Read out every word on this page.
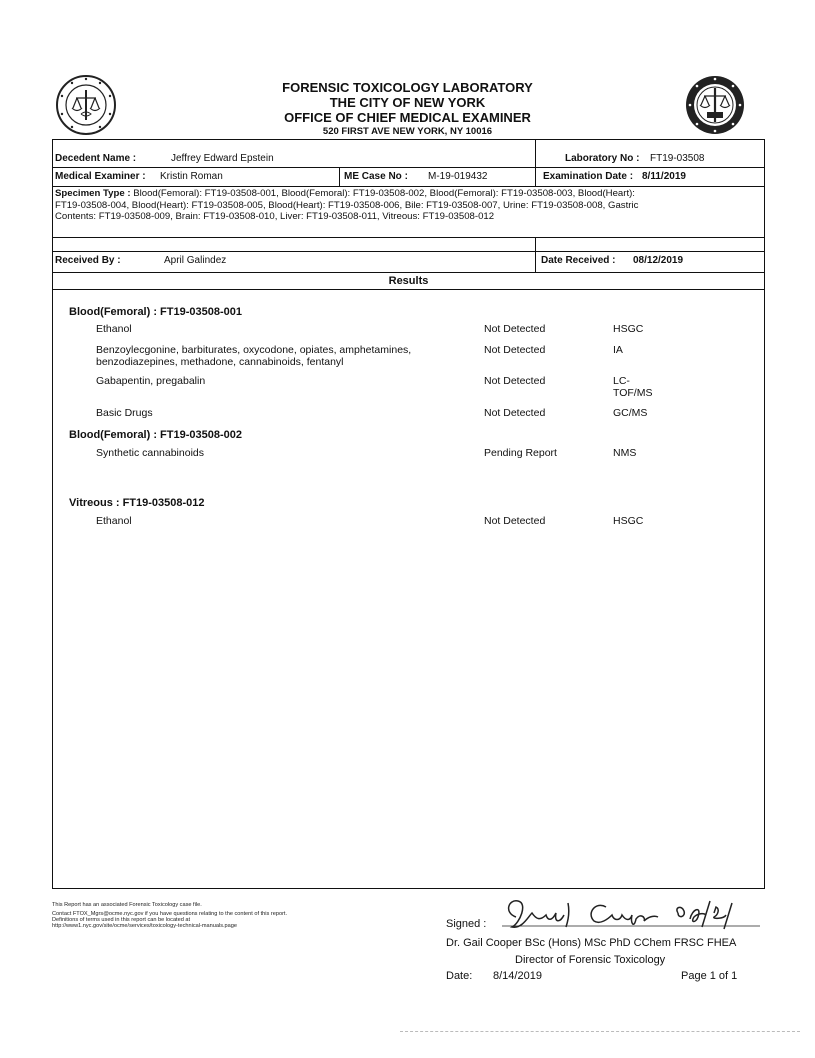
FORENSIC TOXICOLOGY LABORATORY
THE CITY OF NEW YORK
OFFICE OF CHIEF MEDICAL EXAMINER
520 FIRST AVE NEW YORK, NY 10016
Decedent Name :	Jeffrey Edward Epstein	Laboratory No : FT19-03508
Medical Examiner : Kristin Roman	ME Case No : M-19-019432	Examination Date : 8/11/2019
Specimen Type : Blood(Femoral): FT19-03508-001, Blood(Femoral): FT19-03508-002, Blood(Femoral): FT19-03508-003, Blood(Heart):
FT19-03508-004, Blood(Heart): FT19-03508-005, Blood(Heart): FT19-03508-006, Bile: FT19-03508-007, Urine: FT19-03508-008, Gastric
Contents: FT19-03508-009, Brain: FT19-03508-010, Liver: FT19-03508-011, Vitreous: FT19-03508-012
Received By :	April Galindez	Date Received : 08/12/2019
Results
Blood(Femoral) : FT19-03508-001
Ethanol	Not Detected	HSGC
Benzoylecgonine, barbiturates, oxycodone, opiates, amphetamines,
benzodiazepines, methadone, cannabinoids, fentanyl
Not Detected	IA
Gabapentin, pregabalin	Not Detected	LC-
TOF/MS
Basic Drugs	Not Detected	GC/MS
Blood(Femoral) : FT19-03508-002
Synthetic cannabinoids	Pending Report	NMS
Vitreous : FT19-03508-012
Ethanol	Not Detected	HSGC
This Report has an associated Forensic Toxicology case file.
Contact FTOX_Mgrs@ocme.nyc.gov if you have questions relating to the content of this report.
Definitions of terms used in this report can be located at
http://www1.nyc.gov/site/ocme/services/toxicology-technical-manuals.page	Signed :
Dr. Gail Cooper BSc (Hons) MSc PhD CChem FRSC FHEA
Director of Forensic Toxicology
Date: 8/14/2019	Page 1 of 1
